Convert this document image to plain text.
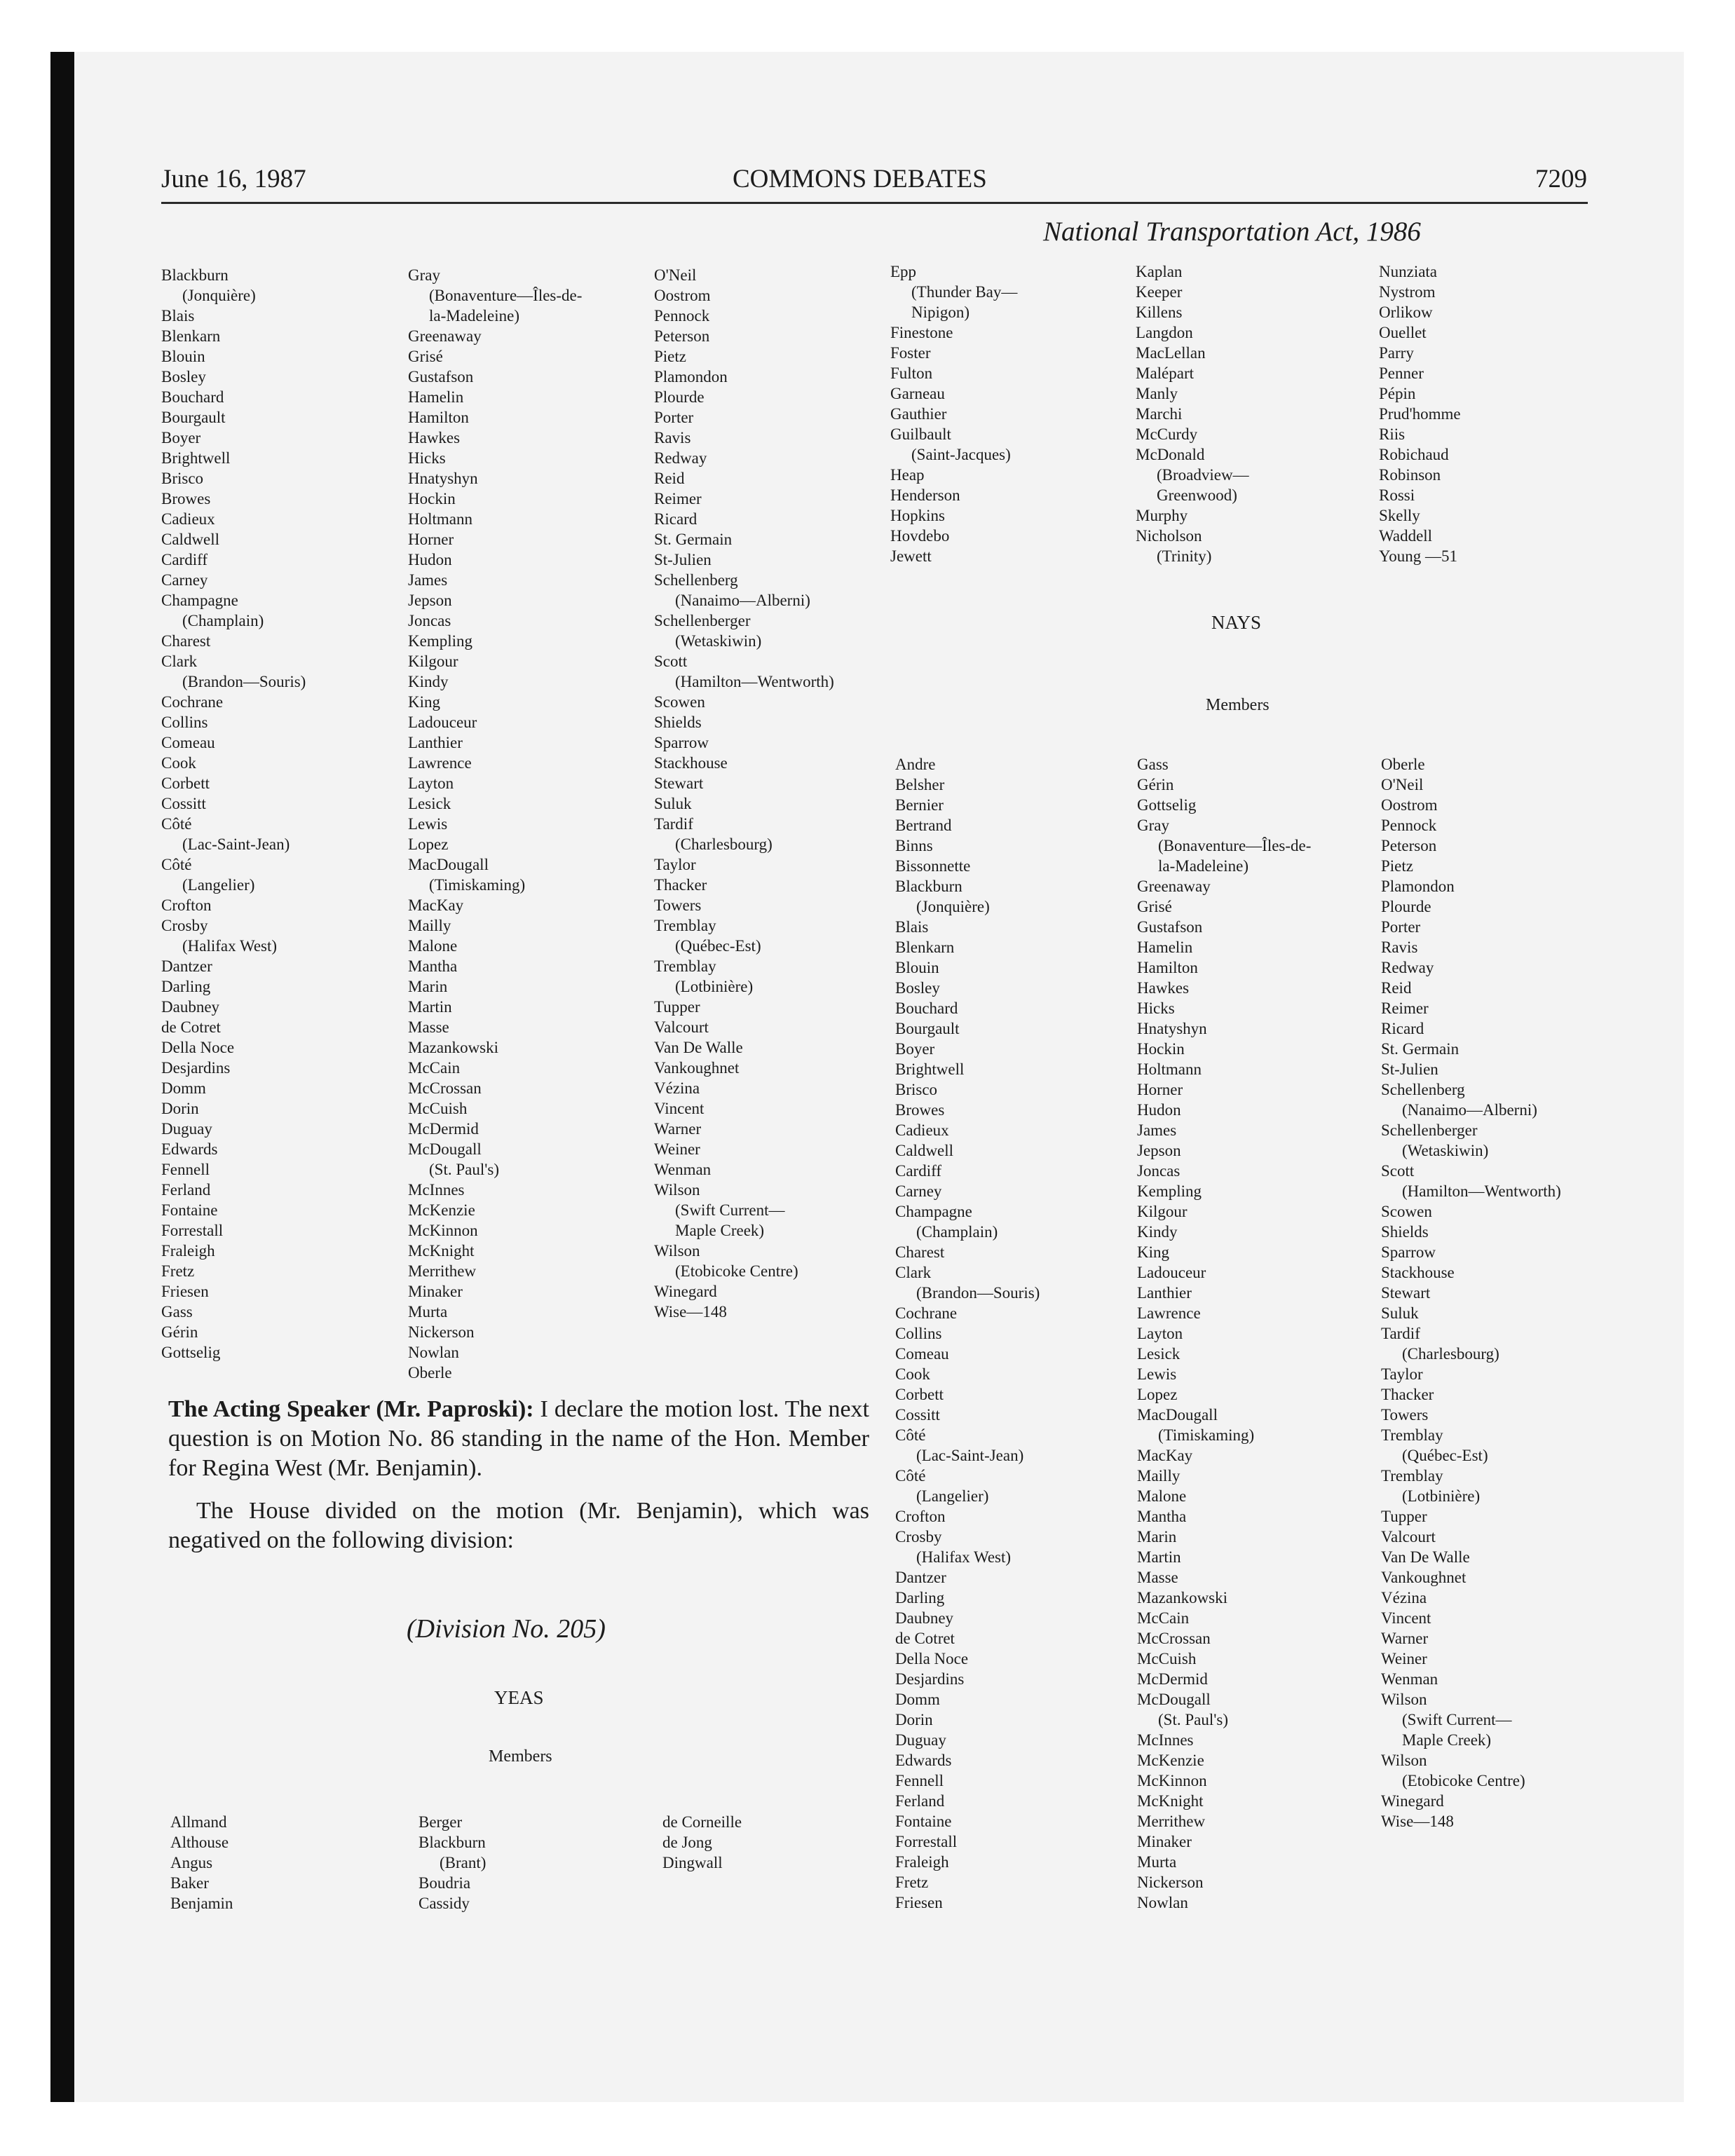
June 16, 1987	COMMONS DEBATES	7209
National Transportation Act, 1986
Blackburn
(Jonquière)
Blais
Blenkarn
Blouin
Bosley
Bouchard
Bourgault
Boyer
Brightwell
Brisco
Browes
Cadieux
Caldwell
Cardiff
Carney
Champagne
(Champlain)
Charest
Clark
(Brandon—Souris)
Cochrane
Collins
Comeau
Cook
Corbett
Cossitt
Côté
(Lac-Saint-Jean)
Côté
(Langelier)
Crofton
Crosby
(Halifax West)
Dantzer
Darling
Daubney
de Cotret
Della Noce
Desjardins
Domm
Dorin
Duguay
Edwards
Fennell
Ferland
Fontaine
Forrestall
Fraleigh
Fretz
Friesen
Gass
Gérin
Gottselig
Gray
(Bonaventure—Îles-de-
la-Madeleine)
Greenaway
Grisé
Gustafson
Hamelin
Hamilton
Hawkes
Hicks
Hnatyshyn
Hockin
Holtmann
Horner
Hudon
James
Jepson
Joncas
Kempling
Kilgour
Kindy
King
Ladouceur
Lanthier
Lawrence
Layton
Lesick
Lewis
Lopez
MacDougall
(Timiskaming)
MacKay
Mailly
Malone
Mantha
Marin
Martin
Masse
Mazankowski
McCain
McCrossan
McCuish
McDermid
McDougall
(St. Paul's)
McInnes
McKenzie
McKinnon
McKnight
Merrithew
Minaker
Murta
Nickerson
Nowlan
Oberle
O'Neil
Oostrom
Pennock
Peterson
Pietz
Plamondon
Plourde
Porter
Ravis
Redway
Reid
Reimer
Ricard
St. Germain
St-Julien
Schellenberg
(Nanaimo—Alberni)
Schellenberger
(Wetaskiwin)
Scott
(Hamilton—Wentworth)
Scowen
Shields
Sparrow
Stackhouse
Stewart
Suluk
Tardif
(Charlesbourg)
Taylor
Thacker
Towers
Tremblay
(Québec-Est)
Tremblay
(Lotbinière)
Tupper
Valcourt
Van De Walle
Vankoughnet
Vézina
Vincent
Warner
Weiner
Wenman
Wilson
(Swift Current—
Maple Creek)
Wilson
(Etobicoke Centre)
Winegard
Wise—148
The Acting Speaker (Mr. Paproski): I declare the motion lost. The next question is on Motion No. 86 standing in the name of the Hon. Member for Regina West (Mr. Benjamin).
The House divided on the motion (Mr. Benjamin), which was negatived on the following division:
(Division No. 205)
YEAS
Members
Allmand
Althouse
Angus
Baker
Benjamin
Berger
Blackburn
(Brant)
Boudria
Cassidy
de Corneille
de Jong
Dingwall
Epp
(Thunder Bay—
Nipigon)
Finestone
Foster
Fulton
Garneau
Gauthier
Guilbault
(Saint-Jacques)
Heap
Henderson
Hopkins
Hovdebo
Jewett
Kaplan
Keeper
Killens
Langdon
MacLellan
Malépart
Manly
Marchi
McCurdy
McDonald
(Broadview—
Greenwood)
Murphy
Nicholson
(Trinity)
Nunziata
Nystrom
Orlikow
Ouellet
Parry
Penner
Pépin
Prud'homme
Riis
Robichaud
Robinson
Rossi
Skelly
Waddell
Young —51
NAYS
Members
Andre
Belsher
Bernier
Bertrand
Binns
Bissonnette
Blackburn
(Jonquière)
Blais
Blenkarn
Blouin
Bosley
Bouchard
Bourgault
Boyer
Brightwell
Brisco
Browes
Cadieux
Caldwell
Cardiff
Carney
Champagne
(Champlain)
Charest
Clark
(Brandon—Souris)
Cochrane
Collins
Comeau
Cook
Corbett
Cossitt
Côté
(Lac-Saint-Jean)
Côté
(Langelier)
Crofton
Crosby
(Halifax West)
Dantzer
Darling
Daubney
de Cotret
Della Noce
Desjardins
Domm
Dorin
Duguay
Edwards
Fennell
Ferland
Fontaine
Forrestall
Fraleigh
Fretz
Friesen
Gass
Gérin
Gottselig
Gray
(Bonaventure—Îles-de-
la-Madeleine)
Greenaway
Grisé
Gustafson
Hamelin
Hamilton
Hawkes
Hicks
Hnatyshyn
Hockin
Holtmann
Horner
Hudon
James
Jepson
Joncas
Kempling
Kilgour
Kindy
King
Ladouceur
Lanthier
Lawrence
Layton
Lesick
Lewis
Lopez
MacDougall
(Timiskaming)
MacKay
Mailly
Malone
Mantha
Marin
Martin
Masse
Mazankowski
McCain
McCrossan
McCuish
McDermid
McDougall
(St. Paul's)
McInnes
McKenzie
McKinnon
McKnight
Merrithew
Minaker
Murta
Nickerson
Nowlan
Oberle
O'Neil
Oostrom
Pennock
Peterson
Pietz
Plamondon
Plourde
Porter
Ravis
Redway
Reid
Reimer
Ricard
St. Germain
St-Julien
Schellenberg
(Nanaimo—Alberni)
Schellenberger
(Wetaskiwin)
Scott
(Hamilton—Wentworth)
Scowen
Shields
Sparrow
Stackhouse
Stewart
Suluk
Tardif
(Charlesbourg)
Taylor
Thacker
Towers
Tremblay
(Québec-Est)
Tremblay
(Lotbinière)
Tupper
Valcourt
Van De Walle
Vankoughnet
Vézina
Vincent
Warner
Weiner
Wenman
Wilson
(Swift Current—
Maple Creek)
Wilson
(Etobicoke Centre)
Winegard
Wise—148
